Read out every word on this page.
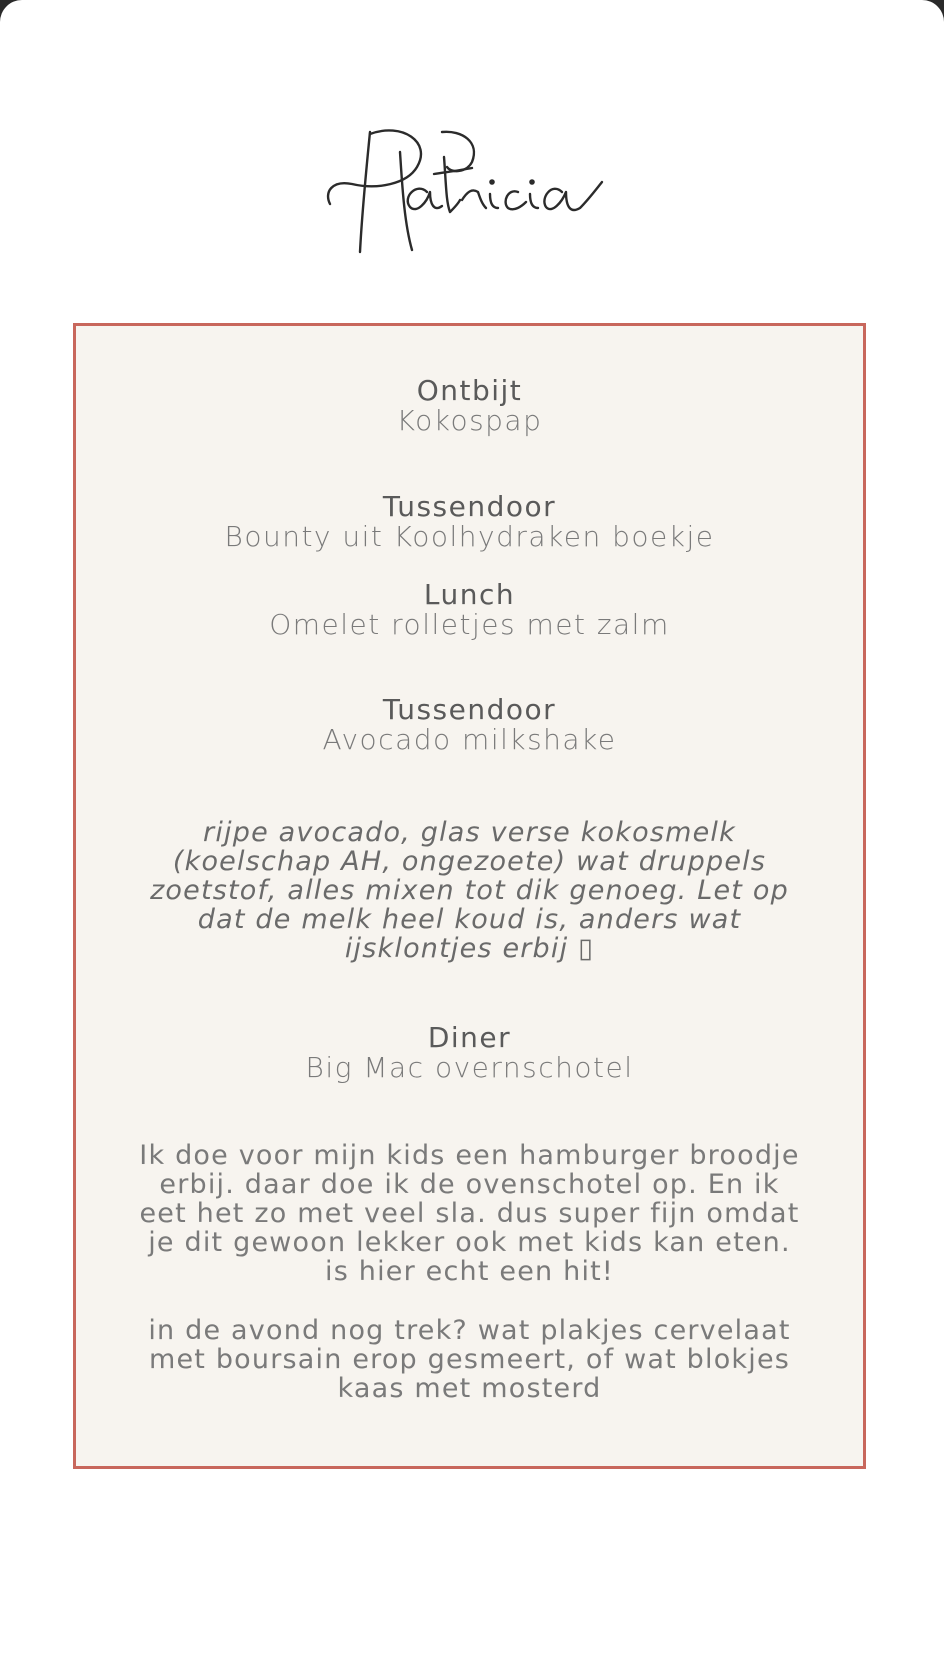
Ontbijt
Kokospap
Tussendoor
Bounty uit Koolhydraken boekje
Lunch
Omelet rolletjes met zalm
Tussendoor
Avocado milkshake
rijpe avocado, glas verse kokosmelk (koelschap AH, ongezoete) wat druppels zoetstof, alles mixen tot dik genoeg. Let op dat de melk heel koud is, anders wat ijsklontjes erbij ▯
Diner
Big Mac overnschotel
Ik doe voor mijn kids een hamburger broodje erbij. daar doe ik de ovenschotel op. En ik eet het zo met veel sla. dus super fijn omdat je dit gewoon lekker ook met kids kan eten. is hier echt een hit!
in de avond nog trek? wat plakjes cervelaat met boursain erop gesmeert, of wat blokjes kaas met mosterd
